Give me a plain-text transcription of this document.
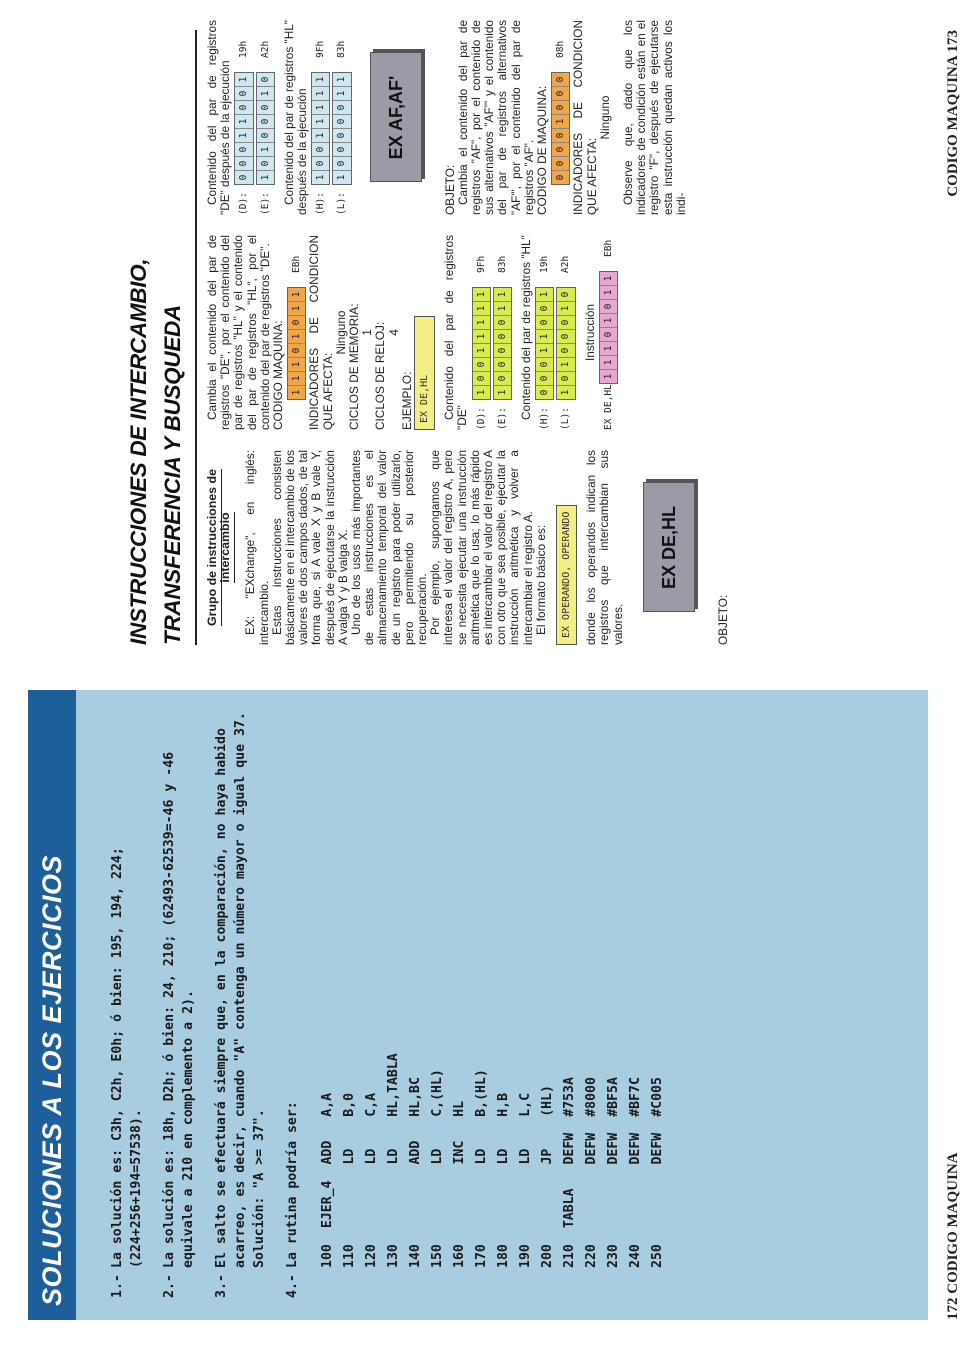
SOLUCIONES A LOS EJERCICIOS	1.-
La solución es: C3h, C2h, E0h; ó bien: 195, 194, 224; (224+256+194=57538).
2.-
La solución es: 18h, D2h; ó bien: 24, 210; (62493-62539=-46 y -46 equivale a 210 en complemento a 2).
3.-
El salto se efectuará siempre que, en la comparación, no haya habido acarreo, es decir, cuando "A" contenga un número mayor o igual que 37. Solución: "A >= 37".
4.-
La rutina podría ser: 100	EJER_4	ADD	A,A
110		LD	B,0
120		LD	C,A
130		LD	HL,TABLA
140		ADD	HL,BC
150		LD	C,(HL)
160		INC	HL
170		LD	B,(HL)
180		LD	H,B
190		LD	L,C
200		JP	(HL)
210	TABLA	DEFW	#753A
220		DEFW	#8000
230		DEFW	#BF5A
240		DEFW	#BF7C
250		DEFW	#C005
172 CODIGO MAQUINA
INSTRUCCIONES DE INTERCAMBIO, TRANSFERENCIA Y BUSQUEDA	Grupo de instrucciones de intercambio EX: "EXchange", en inglés: intercambio. Estas instrucciones consisten básicamente en el intercambio de los valores de dos campos dados, de tal forma que, si A vale X y B vale Y, después de ejecutarse la instrucción A valga Y y B valga X. Uno de los usos más importantes de estas instrucciones es el almacenamiento temporal del valor de un registro para poder utilizarlo, pero permitiendo su posterior recuperación. Por ejemplo, supongamos que interesa el valor del registro A, pero se necesita ejecutar una instrucción aritmética que lo usa; lo más rápido es intercambiar el valor del registro A con otro que sea posible, ejecutar la instrucción aritmética y volver a intercambiar el registro A. El formato básico es:	EX OPERANDO, OPERANDO	donde los operandos indican los registros que intercambian sus valores.

EX DE,HL

OBJETO:

Cambia el contenido del par de registros "DE", por el contenido del par de registros "HL" y el contenido del par de registros "HL", por el contenido del par de registros "DE". CODIGO MAQUINA: 1
1
1
0
1
0
1
1
EBh INDICADORES DE CONDICION QUE AFECTA:

Ninguno CICLOS DE MEMORIA: 1 CICLOS DE RELOJ: 4

EJEMPLO: EX DE,HL	Contenido del par de registros "DE" (D):
1
0
0
1
1
1
1
1
9Fh
(E):
1
0
0
0
0
0
1
1
83h Contenido del par de registros "HL" (H):
0
0
0
1
1
0
0
1
19h
(L):
1
0
1
0
0
0
1
0
A2h

Instrucción

EX DE,HL
1
1
1
0
1
0
1
1
EBh

Contenido del par de registros "DE" después de la ejecución (D):
0
0
0
1
1
0
0
1
19h
(E):
1
0
1
0
0
0
1
0
A2h Contenido del par de registros "HL" después de la ejecución (H):
1
0
0
1
1
1
1
1
9Fh
(L):
1
0
0
0
0
0
1
1
83h
EX AF,AF'

OBJETO: Cambia el contenido del par de registros "AF", por el contenido de sus alternativos "AF'" y el contenido del par de registros alternativos "AF'", por el contenido del par de registros "AF". CODIGO DE MAQUINA: 0
0
0
0
1
0
0
0
08h INDICADORES DE CONDICION QUE AFECTA:

Ninguno Observe que, dado que los indicadores de condición están en el registro "F", después de ejecutarse esta instrucción quedan activos los indi-

CODIGO MAQUINA 173
